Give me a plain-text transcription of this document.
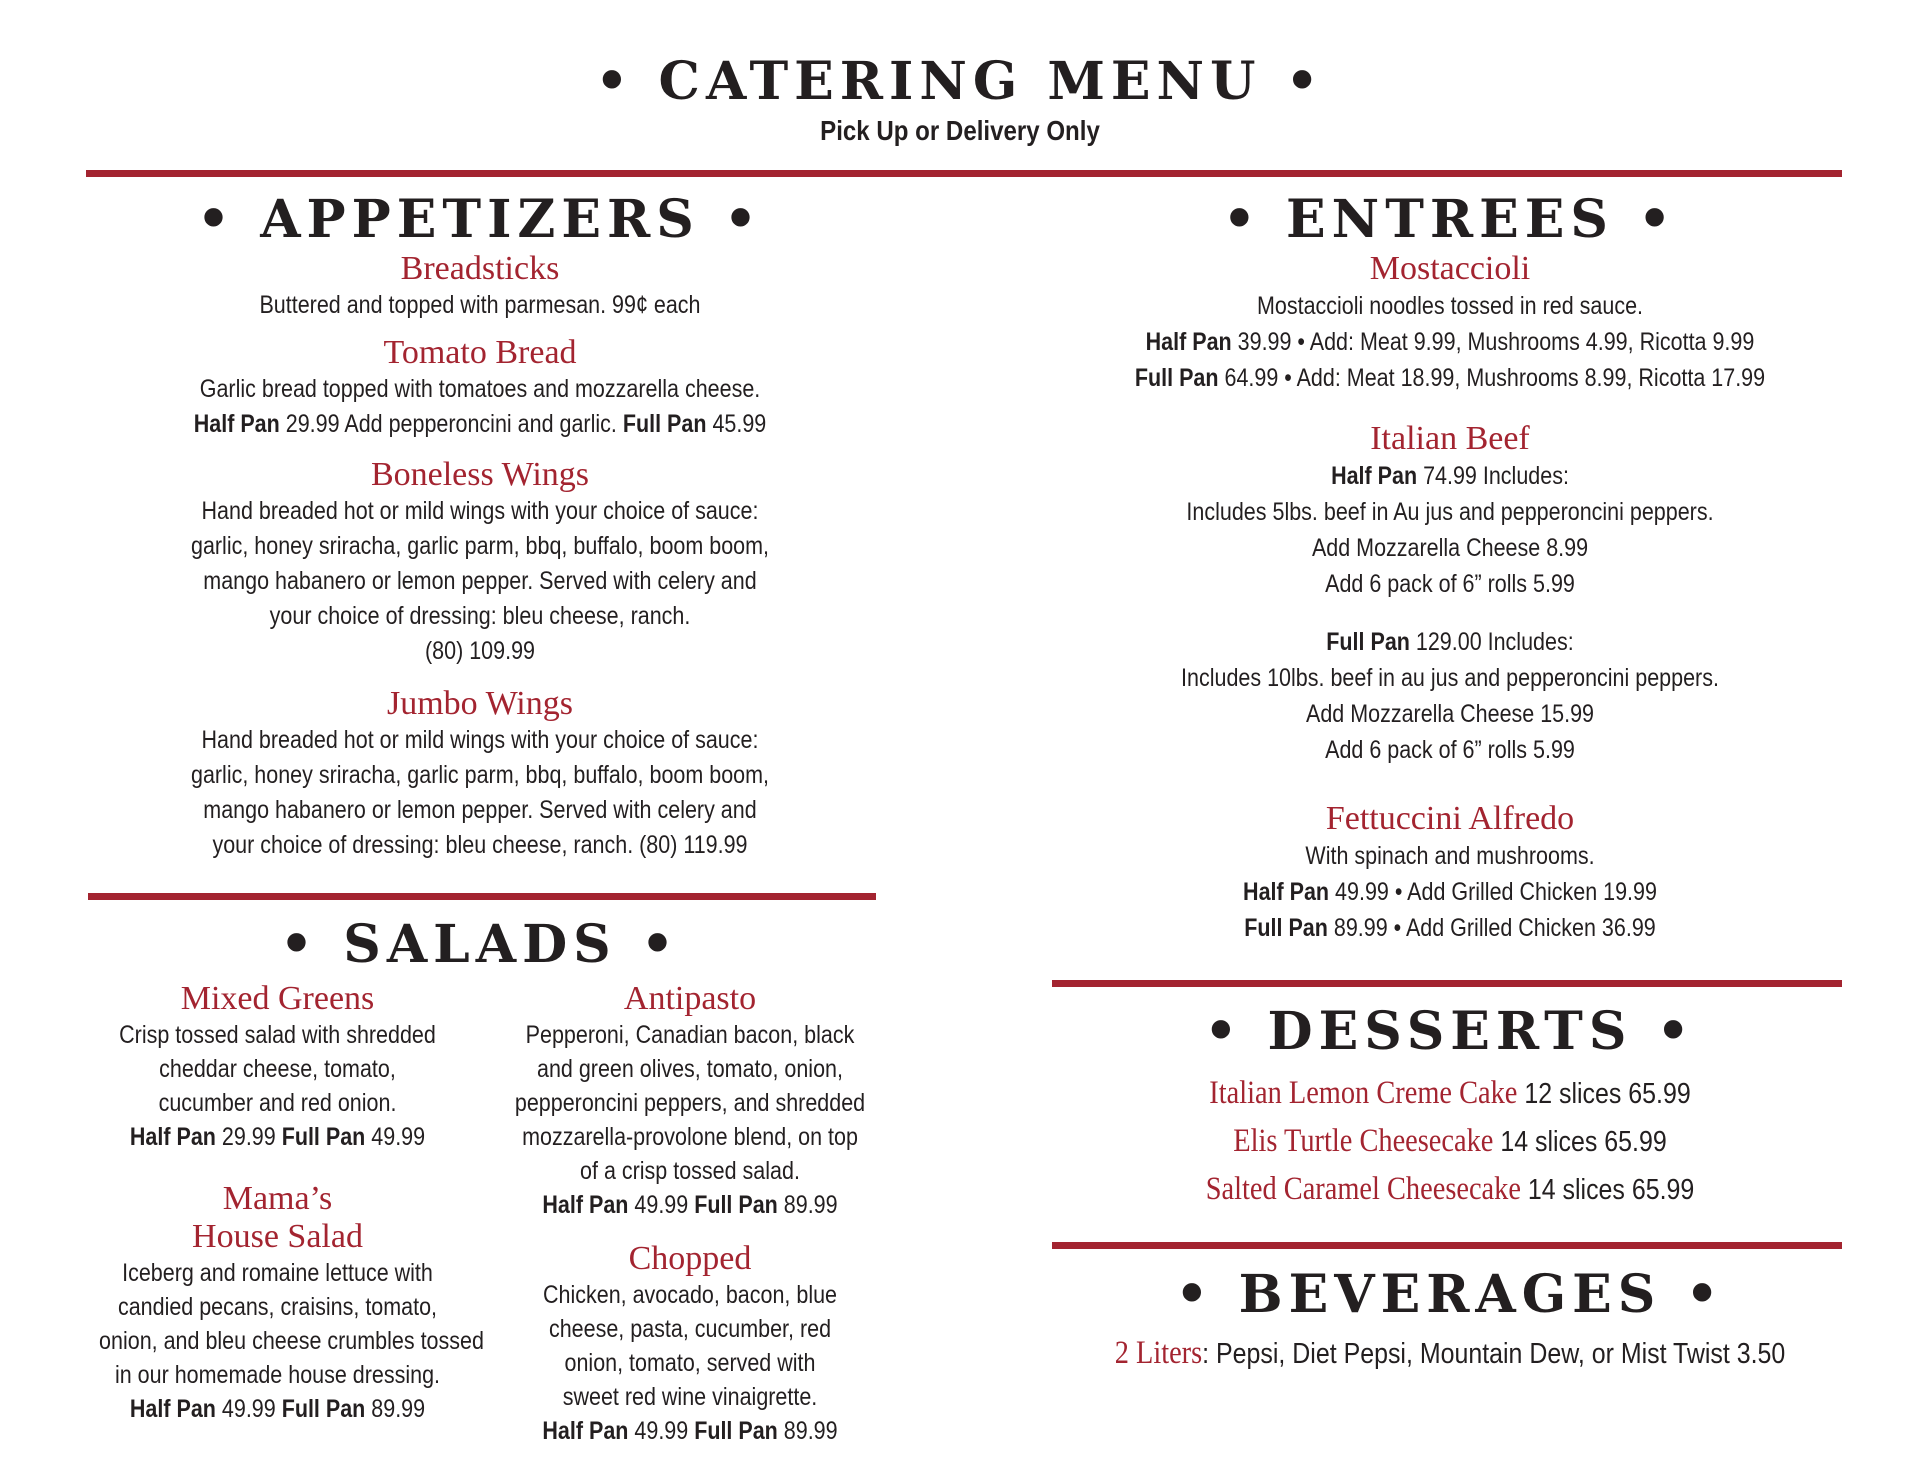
• CATERING MENU •
Pick Up or Delivery Only
• APPETIZERS •
Breadsticks
Buttered and topped with parmesan. 99¢ each
Tomato Bread
Garlic bread topped with tomatoes and mozzarella cheese.
Half Pan 29.99 Add pepperoncini and garlic. Full Pan 45.99
Boneless Wings
Hand breaded hot or mild wings with your choice of sauce:
garlic, honey sriracha, garlic parm, bbq, buffalo, boom boom,
mango habanero or lemon pepper. Served with celery and
your choice of dressing: bleu cheese, ranch.
(80) 109.99
Jumbo Wings
Hand breaded hot or mild wings with your choice of sauce:
garlic, honey sriracha, garlic parm, bbq, buffalo, boom boom,
mango habanero or lemon pepper. Served with celery and
your choice of dressing: bleu cheese, ranch. (80) 119.99
• SALADS •
Mixed Greens
Crisp tossed salad with shredded
cheddar cheese, tomato,
cucumber and red onion.
Half Pan 29.99 Full Pan 49.99
Mama’s
House Salad
Iceberg and romaine lettuce with
candied pecans, craisins, tomato,
onion, and bleu cheese crumbles tossed
in our homemade house dressing.
Half Pan 49.99 Full Pan 89.99
Antipasto
Pepperoni, Canadian bacon, black
and green olives, tomato, onion,
pepperoncini peppers, and shredded
mozzarella-provolone blend, on top
of a crisp tossed salad.
Half Pan 49.99 Full Pan 89.99
Chopped
Chicken, avocado, bacon, blue
cheese, pasta, cucumber, red
onion, tomato, served with
sweet red wine vinaigrette.
Half Pan 49.99 Full Pan 89.99
• ENTREES •
Mostaccioli
Mostaccioli noodles tossed in red sauce.
Half Pan 39.99 • Add: Meat 9.99, Mushrooms 4.99, Ricotta 9.99
Full Pan 64.99 • Add: Meat 18.99, Mushrooms 8.99, Ricotta 17.99
Italian Beef
Half Pan 74.99 Includes:
Includes 5lbs. beef in Au jus and pepperoncini peppers.
Add Mozzarella Cheese 8.99
Add 6 pack of 6” rolls 5.99
Full Pan 129.00 Includes:
Includes 10lbs. beef in au jus and pepperoncini peppers.
Add Mozzarella Cheese 15.99
Add 6 pack of 6” rolls 5.99
Fettuccini Alfredo
With spinach and mushrooms.
Half Pan 49.99 • Add Grilled Chicken 19.99
Full Pan 89.99 • Add Grilled Chicken 36.99
• DESSERTS •
Italian Lemon Creme Cake 12 slices 65.99
Elis Turtle Cheesecake 14 slices 65.99
Salted Caramel Cheesecake 14 slices 65.99
• BEVERAGES •
2 Liters: Pepsi, Diet Pepsi, Mountain Dew, or Mist Twist 3.50
